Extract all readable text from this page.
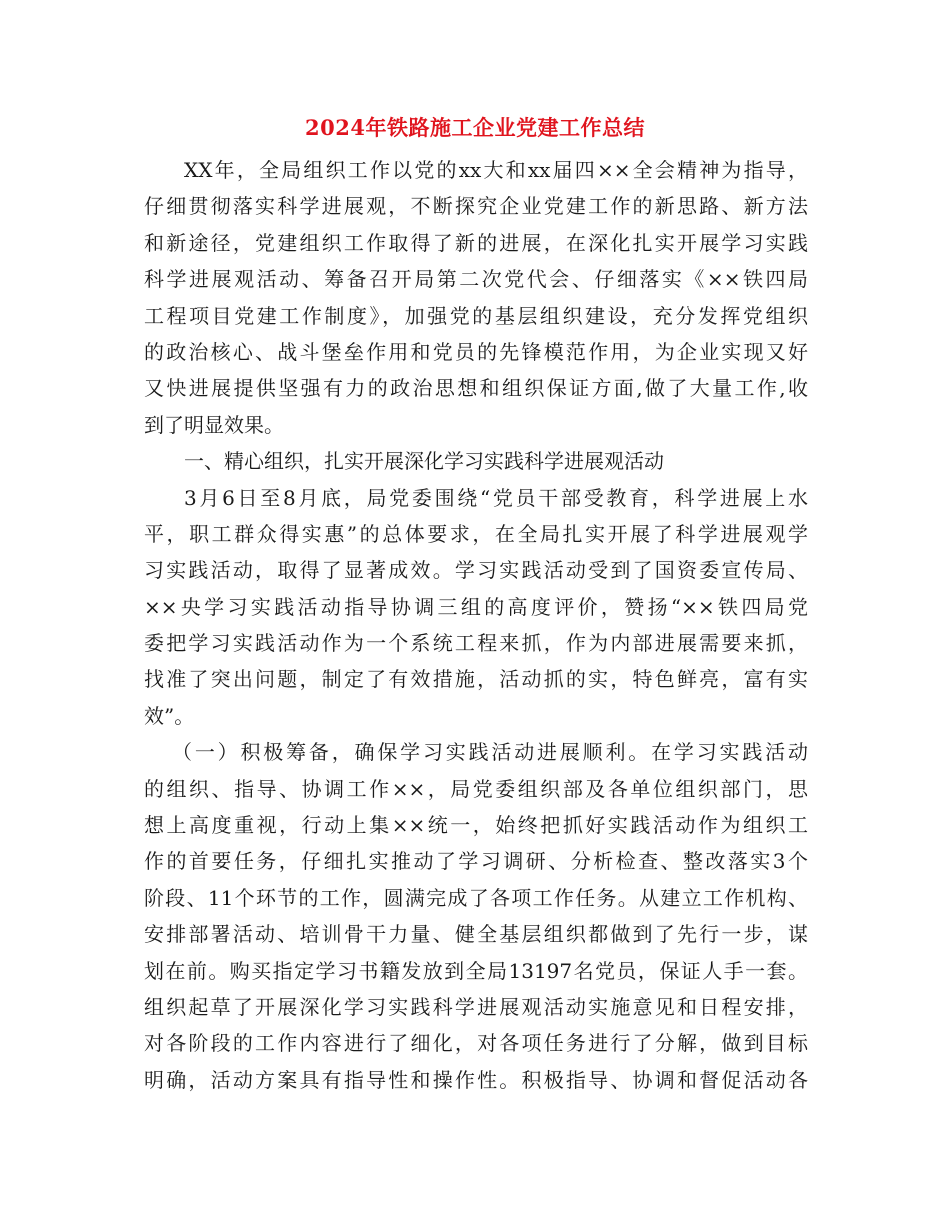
2024年铁路施工企业党建工作总结
XX年，全局组织工作以党的xx大和xx届四××全会精神为指导，
仔细贯彻落实科学进展观，不断探究企业党建工作的新思路、新方法
和新途径，党建组织工作取得了新的进展，在深化扎实开展学习实践
科学进展观活动、筹备召开局第二次党代会、仔细落实《××铁四局
工程项目党建工作制度》，加强党的基层组织建设，充分发挥党组织
的政治核心、战斗堡垒作用和党员的先锋模范作用，为企业实现又好
又快进展提供坚强有力的政治思想和组织保证方面,做了大量工作,收
到了明显效果。
一、精心组织，扎实开展深化学习实践科学进展观活动
3月6日至8月底，局党委围绕“党员干部受教育，科学进展上水
平，职工群众得实惠”的总体要求，在全局扎实开展了科学进展观学
习实践活动，取得了显著成效。学习实践活动受到了国资委宣传局、
××央学习实践活动指导协调三组的高度评价，赞扬“××铁四局党
委把学习实践活动作为一个系统工程来抓，作为内部进展需要来抓，
找准了突出问题，制定了有效措施，活动抓的实，特色鲜亮，富有实
效”。
（一）积极筹备，确保学习实践活动进展顺利。在学习实践活动
的组织、指导、协调工作××，局党委组织部及各单位组织部门，思
想上高度重视，行动上集××统一，始终把抓好实践活动作为组织工
作的首要任务，仔细扎实推动了学习调研、分析检查、整改落实3个
阶段、11个环节的工作，圆满完成了各项工作任务。从建立工作机构、
安排部署活动、培训骨干力量、健全基层组织都做到了先行一步，谋
划在前。购买指定学习书籍发放到全局13197名党员，保证人手一套。
组织起草了开展深化学习实践科学进展观活动实施意见和日程安排，
对各阶段的工作内容进行了细化，对各项任务进行了分解，做到目标
明确，活动方案具有指导性和操作性。积极指导、协调和督促活动各
